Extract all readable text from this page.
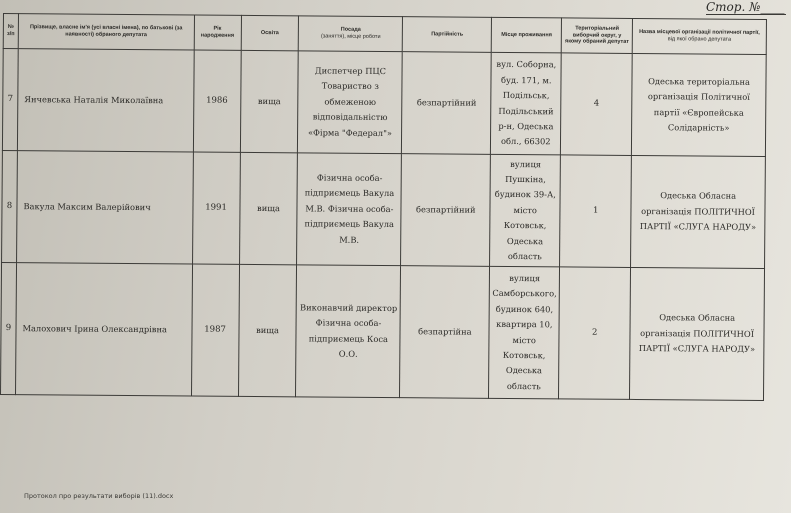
Стор. №____
№ з/п	Прізвище, власне ім'я (усі власні імена), по батькові (за наявності) обраного депутата	Рік народження	Освіта	Посада
(заняття), місце роботи	Партійність	Місце проживання	Територіальний виборчий округ, у якому обраний депутат	Назва місцевої організації політичної партії,
від якої обрано депутата
7	Янчевська Наталія Миколаївна	1986	вища	Диспетчер ПЦС Товариство з обмеженою відповідальністю «Фірма "Федерал"»	безпартійний	вул. Соборна, буд. 171, м. Подільськ, Подільський р-н, Одеська обл., 66302	4	Одеська територіальна організація Політичної партії «Європейська Солідарність»
8	Вакула Максим Валерійович	1991	вища	Фізична особа-підприємець Вакула М.В. Фізична особа-підприємець Вакула М.В.	безпартійний	вулиця Пушкіна, будинок 39-А, місто Котовськ, Одеська область	1	Одеська Обласна організація ПОЛІТИЧНОЇ ПАРТІЇ «СЛУГА НАРОДУ»
9	Малохович Ірина Олександрівна	1987	вища	Виконавчий директор Фізична особа-підприємець Коса О.О.	безпартійна	вулиця Самборського, будинок 640, квартира 10, місто Котовськ, Одеська область	2	Одеська Обласна організація ПОЛІТИЧНОЇ ПАРТІЇ «СЛУГА НАРОДУ»
Протокол про результати виборів (11).docx
